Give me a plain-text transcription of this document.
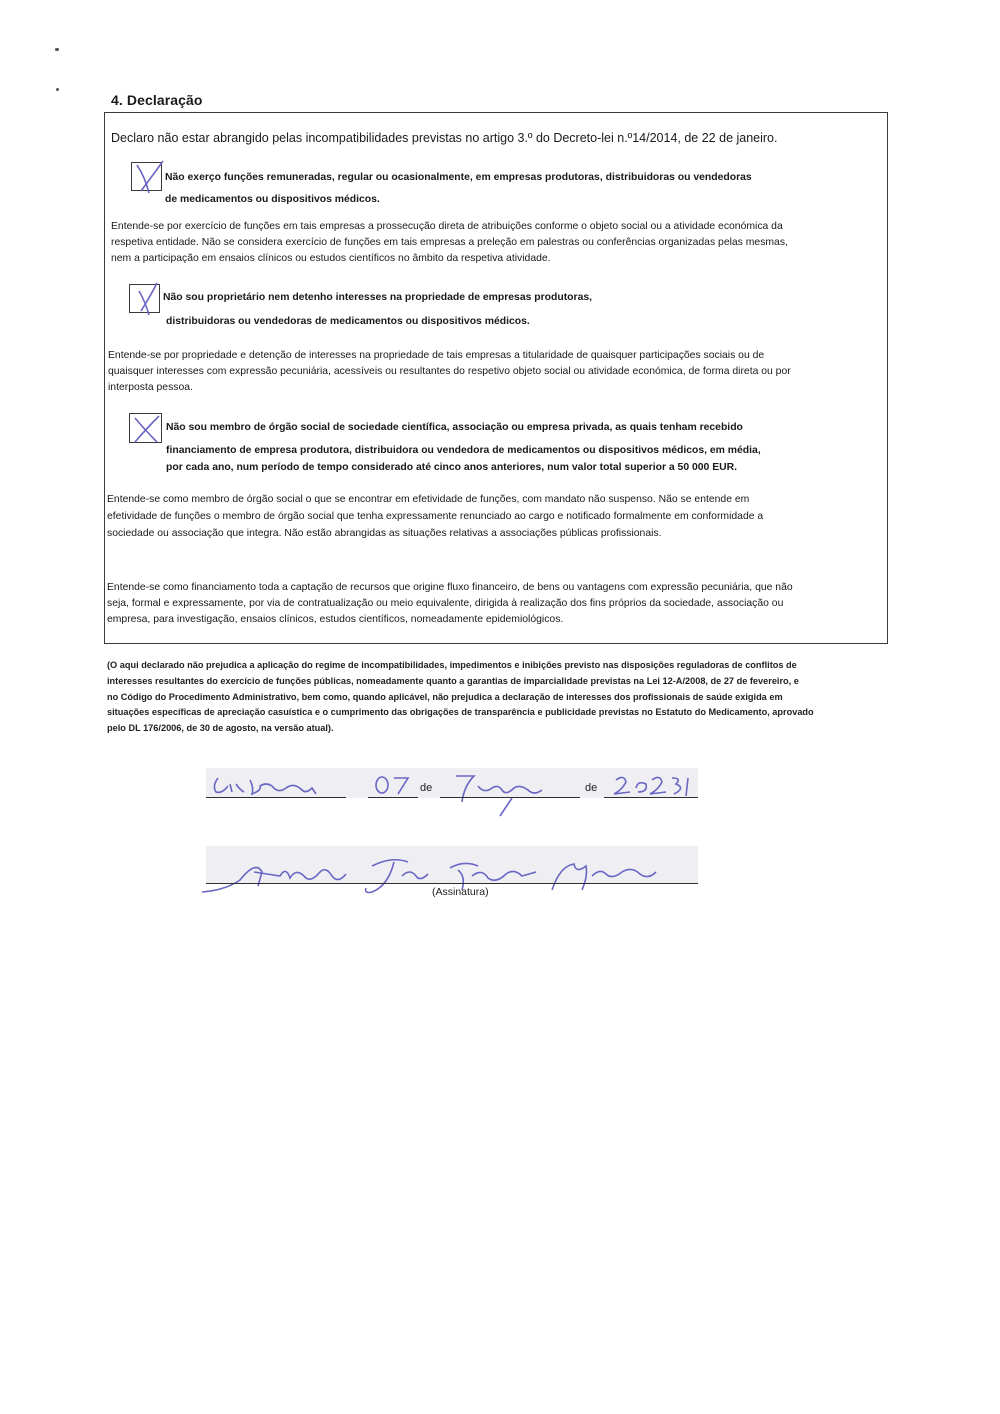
4. Declaração

Declaro não estar abrangido pelas incompatibilidades previstas no artigo 3.º do Decreto-lei n.º14/2014, de 22 de janeiro.

Não exerço funções remuneradas, regular ou ocasionalmente, em empresas produtoras, distribuidoras ou vendedoras

de medicamentos ou dispositivos médicos.

Entende-se por exercício de funções em tais empresas a prossecução direta de atribuições conforme o objeto social ou a atividade económica da

respetiva entidade. Não se considera exercício de funções em tais empresas a preleção em palestras ou conferências organizadas pelas mesmas,

nem a participação em ensaios clínicos ou estudos científicos no âmbito da respetiva atividade.

Não sou proprietário nem detenho interesses na propriedade de empresas produtoras,

distribuidoras ou vendedoras de medicamentos ou dispositivos médicos.

Entende-se por propriedade e detenção de interesses na propriedade de tais empresas a titularidade de quaisquer participações sociais ou de

quaisquer interesses com expressão pecuniária, acessíveis ou resultantes do respetivo objeto social ou atividade económica, de forma direta ou por

interposta pessoa.

Não sou membro de órgão social de sociedade científica, associação ou empresa privada, as quais tenham recebido

financiamento de empresa produtora, distribuidora ou vendedora de medicamentos ou dispositivos médicos, em média,

por cada ano, num período de tempo considerado até cinco anos anteriores, num valor total superior a 50 000 EUR.

Entende-se como membro de órgão social o que se encontrar em efetividade de funções, com mandato não suspenso. Não se entende em

efetividade de funções o membro de órgão social que tenha expressamente renunciado ao cargo e notificado formalmente em conformidade a

sociedade ou associação que integra. Não estão abrangidas as situações relativas a associações públicas profissionais.

Entende-se como financiamento toda a captação de recursos que origine fluxo financeiro, de bens ou vantagens com expressão pecuniária, que não

seja, formal e expressamente, por via de contratualização ou meio equivalente, dirigida à realização dos fins próprios da sociedade, associação ou

empresa, para investigação, ensaios clínicos, estudos científicos, nomeadamente epidemiológicos.

(O aqui declarado não prejudica a aplicação do regime de incompatibilidades, impedimentos e inibições previsto nas disposições reguladoras de conflitos de
interesses resultantes do exercício de funções públicas, nomeadamente quanto a garantias de imparcialidade previstas na Lei 12-A/2008, de 27 de fevereiro, e
no Código do Procedimento Administrativo, bem como, quando aplicável, não prejudica a declaração de interesses dos profissionais de saúde exigida em
situações específicas de apreciação casuística e o cumprimento das obrigações de transparência e publicidade previstas no Estatuto do Medicamento, aprovado
pelo DL 176/2006, de 30 de agosto, na versão atual).
de	de
(Assinatura)
